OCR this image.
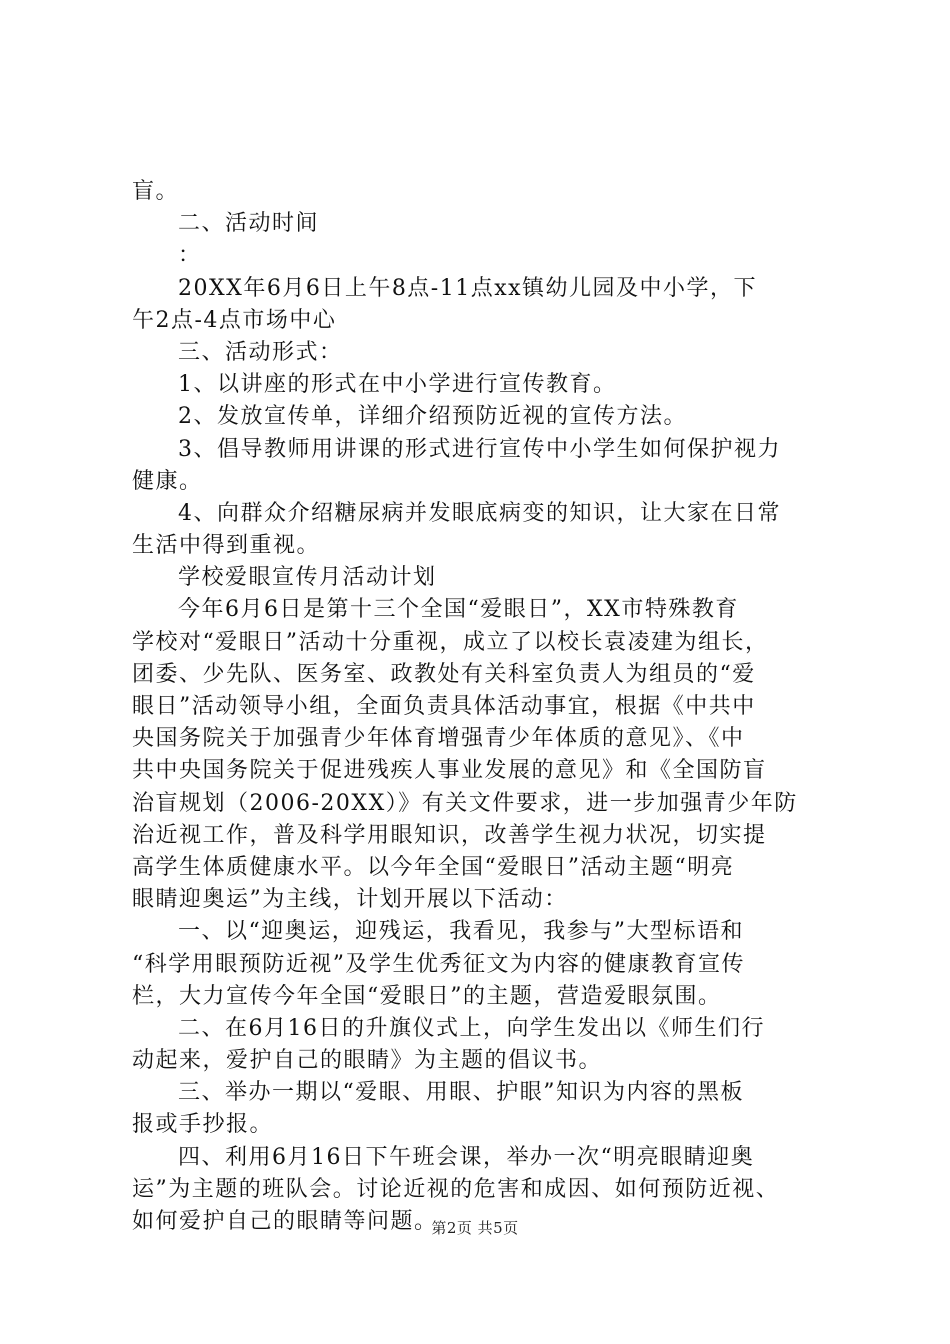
盲。
二、活动时间
：
20XX年6月6日上午8点-11点xx镇幼儿园及中小学，下
午2点-4点市场中心
三、活动形式：
1、以讲座的形式在中小学进行宣传教育。
2、发放宣传单，详细介绍预防近视的宣传方法。
3、倡导教师用讲课的形式进行宣传中小学生如何保护视力
健康。
4、向群众介绍糖尿病并发眼底病变的知识，让大家在日常
生活中得到重视。
学校爱眼宣传月活动计划
今年6月6日是第十三个全国“爱眼日”，XX市特殊教育
学校对“爱眼日”活动十分重视，成立了以校长袁凌建为组长，
团委、少先队、医务室、政教处有关科室负责人为组员的“爱
眼日”活动领导小组，全面负责具体活动事宜，根据《中共中
央国务院关于加强青少年体育增强青少年体质的意见》、《中
共中央国务院关于促进残疾人事业发展的意见》和《全国防盲
治盲规划（2006-20XX）》有关文件要求，进一步加强青少年防
治近视工作，普及科学用眼知识，改善学生视力状况，切实提
高学生体质健康水平。以今年全国“爱眼日”活动主题“明亮
眼睛迎奥运”为主线，计划开展以下活动：
一、以“迎奥运，迎残运，我看见，我参与”大型标语和
“科学用眼预防近视”及学生优秀征文为内容的健康教育宣传
栏，大力宣传今年全国“爱眼日”的主题，营造爱眼氛围。
二、在6月16日的升旗仪式上，向学生发出以《师生们行
动起来，爱护自己的眼睛》为主题的倡议书。
三、举办一期以“爱眼、用眼、护眼”知识为内容的黑板
报或手抄报。
四、利用6月16日下午班会课，举办一次“明亮眼睛迎奥
运”为主题的班队会。讨论近视的危害和成因、如何预防近视、
如何爱护自己的眼睛等问题。
第2页 共5页
